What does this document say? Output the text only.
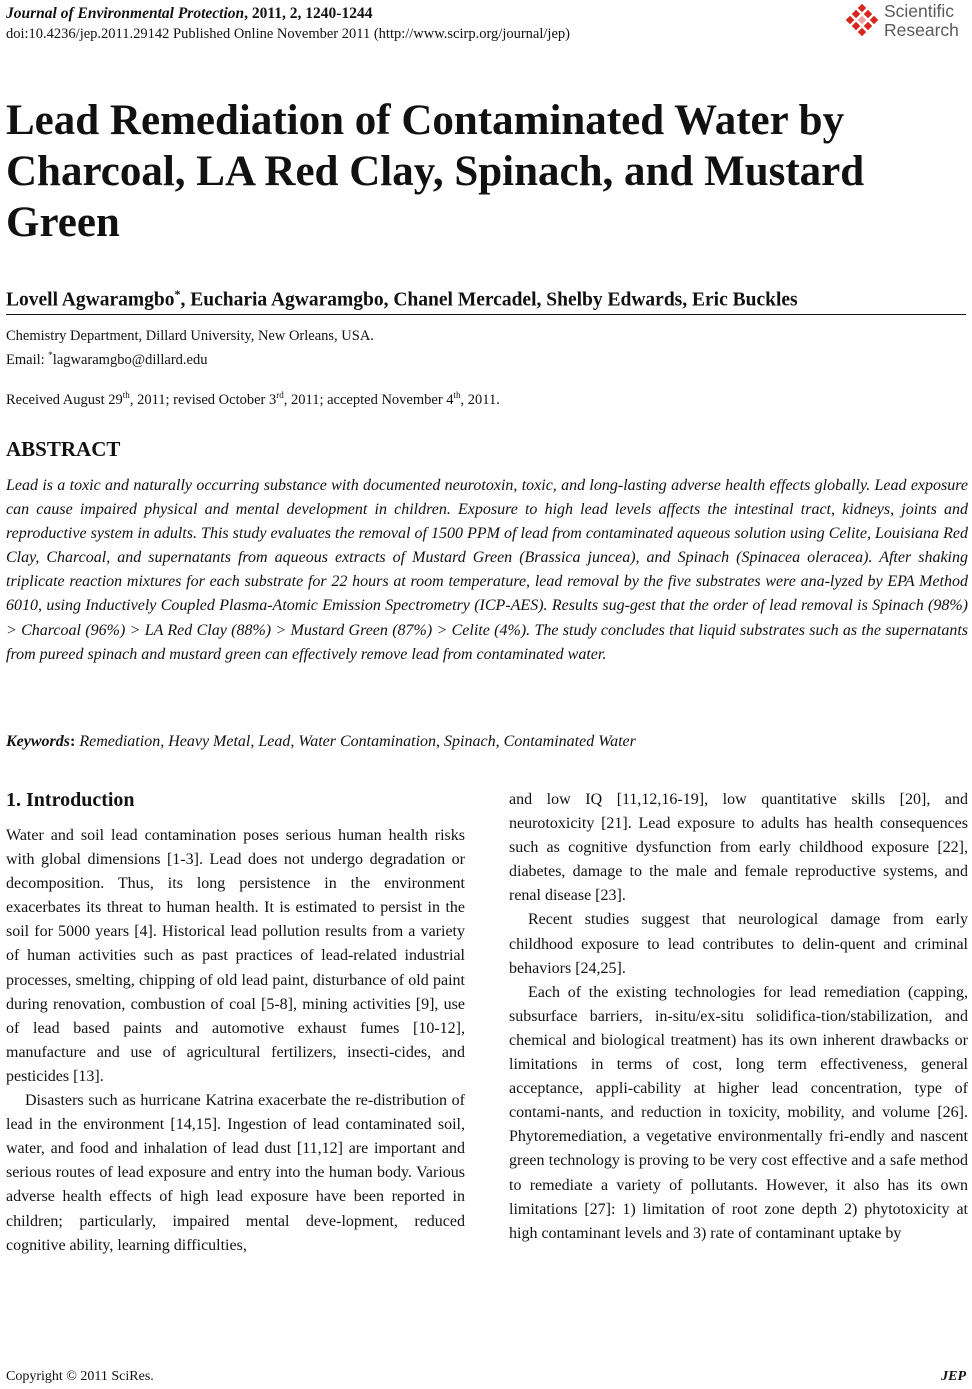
Journal of Environmental Protection, 2011, 2, 1240-1244
doi:10.4236/jep.2011.29142 Published Online November 2011 (http://www.scirp.org/journal/jep)
Scientific
Research
Lead Remediation of Contaminated Water by Charcoal, LA Red Clay, Spinach, and Mustard Green
Lovell Agwaramgbo*, Eucharia Agwaramgbo, Chanel Mercadel, Shelby Edwards, Eric Buckles
Chemistry Department, Dillard University, New Orleans, USA.
Email: *lagwaramgbo@dillard.edu
Received August 29th, 2011; revised October 3rd, 2011; accepted November 4th, 2011.
ABSTRACT
Lead is a toxic and naturally occurring substance with documented neurotoxin, toxic, and long-lasting adverse health effects globally. Lead exposure can cause impaired physical and mental development in children. Exposure to high lead levels affects the intestinal tract, kidneys, joints and reproductive system in adults. This study evaluates the removal of 1500 PPM of lead from contaminated aqueous solution using Celite, Louisiana Red Clay, Charcoal, and supernatants from aqueous extracts of Mustard Green (Brassica juncea), and Spinach (Spinacea oleracea). After shaking triplicate reaction mixtures for each substrate for 22 hours at room temperature, lead removal by the five substrates were ana-lyzed by EPA Method 6010, using Inductively Coupled Plasma-Atomic Emission Spectrometry (ICP-AES). Results sug-gest that the order of lead removal is Spinach (98%) > Charcoal (96%) > LA Red Clay (88%) > Mustard Green (87%) > Celite (4%). The study concludes that liquid substrates such as the supernatants from pureed spinach and mustard green can effectively remove lead from contaminated water.
Keywords: Remediation, Heavy Metal, Lead, Water Contamination, Spinach, Contaminated Water
1. Introduction

Water and soil lead contamination poses serious human health risks with global dimensions [1-3]. Lead does not undergo degradation or decomposition. Thus, its long persistence in the environment exacerbates its threat to human health. It is estimated to persist in the soil for 5000 years [4]. Historical lead pollution results from a variety of human activities such as past practices of lead-related industrial processes, smelting, chipping of old lead paint, disturbance of old paint during renovation, combustion of coal [5-8], mining activities [9], use of lead based paints and automotive exhaust fumes [10-12], manufacture and use of agricultural fertilizers, insecti-cides, and pesticides [13].

Disasters such as hurricane Katrina exacerbate the re-distribution of lead in the environment [14,15]. Ingestion of lead contaminated soil, water, and food and inhalation of lead dust [11,12] are important and serious routes of lead exposure and entry into the human body. Various adverse health effects of high lead exposure have been reported in children; particularly, impaired mental deve-lopment, reduced cognitive ability, learning difficulties,

and low IQ [11,12,16-19], low quantitative skills [20], and neurotoxicity [21]. Lead exposure to adults has health consequences such as cognitive dysfunction from early childhood exposure [22], diabetes, damage to the male and female reproductive systems, and renal disease [23].

Recent studies suggest that neurological damage from early childhood exposure to lead contributes to delin-quent and criminal behaviors [24,25].

Each of the existing technologies for lead remediation (capping, subsurface barriers, in-situ/ex-situ solidifica-tion/stabilization, and chemical and biological treatment) has its own inherent drawbacks or limitations in terms of cost, long term effectiveness, general acceptance, appli-cability at higher lead concentration, type of contami-nants, and reduction in toxicity, mobility, and volume [26]. Phytoremediation, a vegetative environmentally fri-endly and nascent green technology is proving to be very cost effective and a safe method to remediate a variety of pollutants. However, it also has its own limitations [27]: 1) limitation of root zone depth 2) phytotoxicity at high contaminant levels and 3) rate of contaminant uptake by

Copyright © 2011 SciRes.	JEP
